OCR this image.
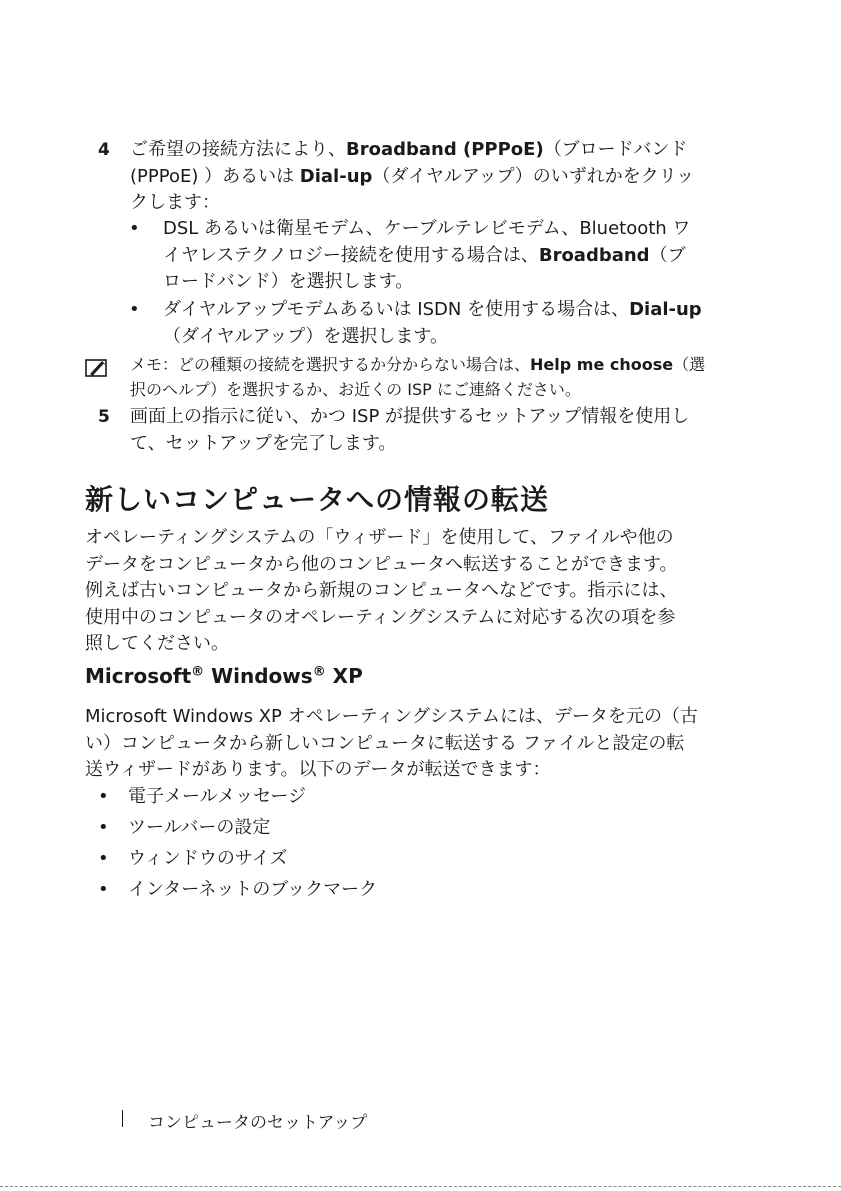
4 ご希望の接続方法により、Broadband (PPPoE)（ブロードバンド
(PPPoE) ）あるいは Dial-up（ダイヤルアップ）のいずれかをクリッ
クします：
• DSL あるいは衛星モデム、ケーブルテレビモデム、Bluetooth ワ
イヤレステクノロジー接続を使用する場合は、Broadband（ブ
ロードバンド）を選択します。
• ダイヤルアップモデムあるいは ISDN を使用する場合は、Dial-up
（ダイヤルアップ）を選択します。
メモ：どの種類の接続を選択するか分からない場合は、Help me choose（選
択のヘルプ）を選択するか、お近くの ISP にご連絡ください。
5 画面上の指示に従い、かつ ISP が提供するセットアップ情報を使用し
て、セットアップを完了します。
新しいコンピュータへの情報の転送
オペレーティングシステムの「ウィザード」を使用して、ファイルや他の
データをコンピュータから他のコンピュータへ転送することができます。
例えば古いコンピュータから新規のコンピュータへなどです。指示には、
使用中のコンピュータのオペレーティングシステムに対応する次の項を参
照してください。
Microsoft® Windows® XP
Microsoft Windows XP オペレーティングシステムには、データを元の（古
い）コンピュータから新しいコンピュータに転送する ファイルと設定の転
送ウィザードがあります。以下のデータが転送できます：
• 電子メールメッセージ
• ツールバーの設定
• ウィンドウのサイズ
• インターネットのブックマーク
コンピュータのセットアップ
